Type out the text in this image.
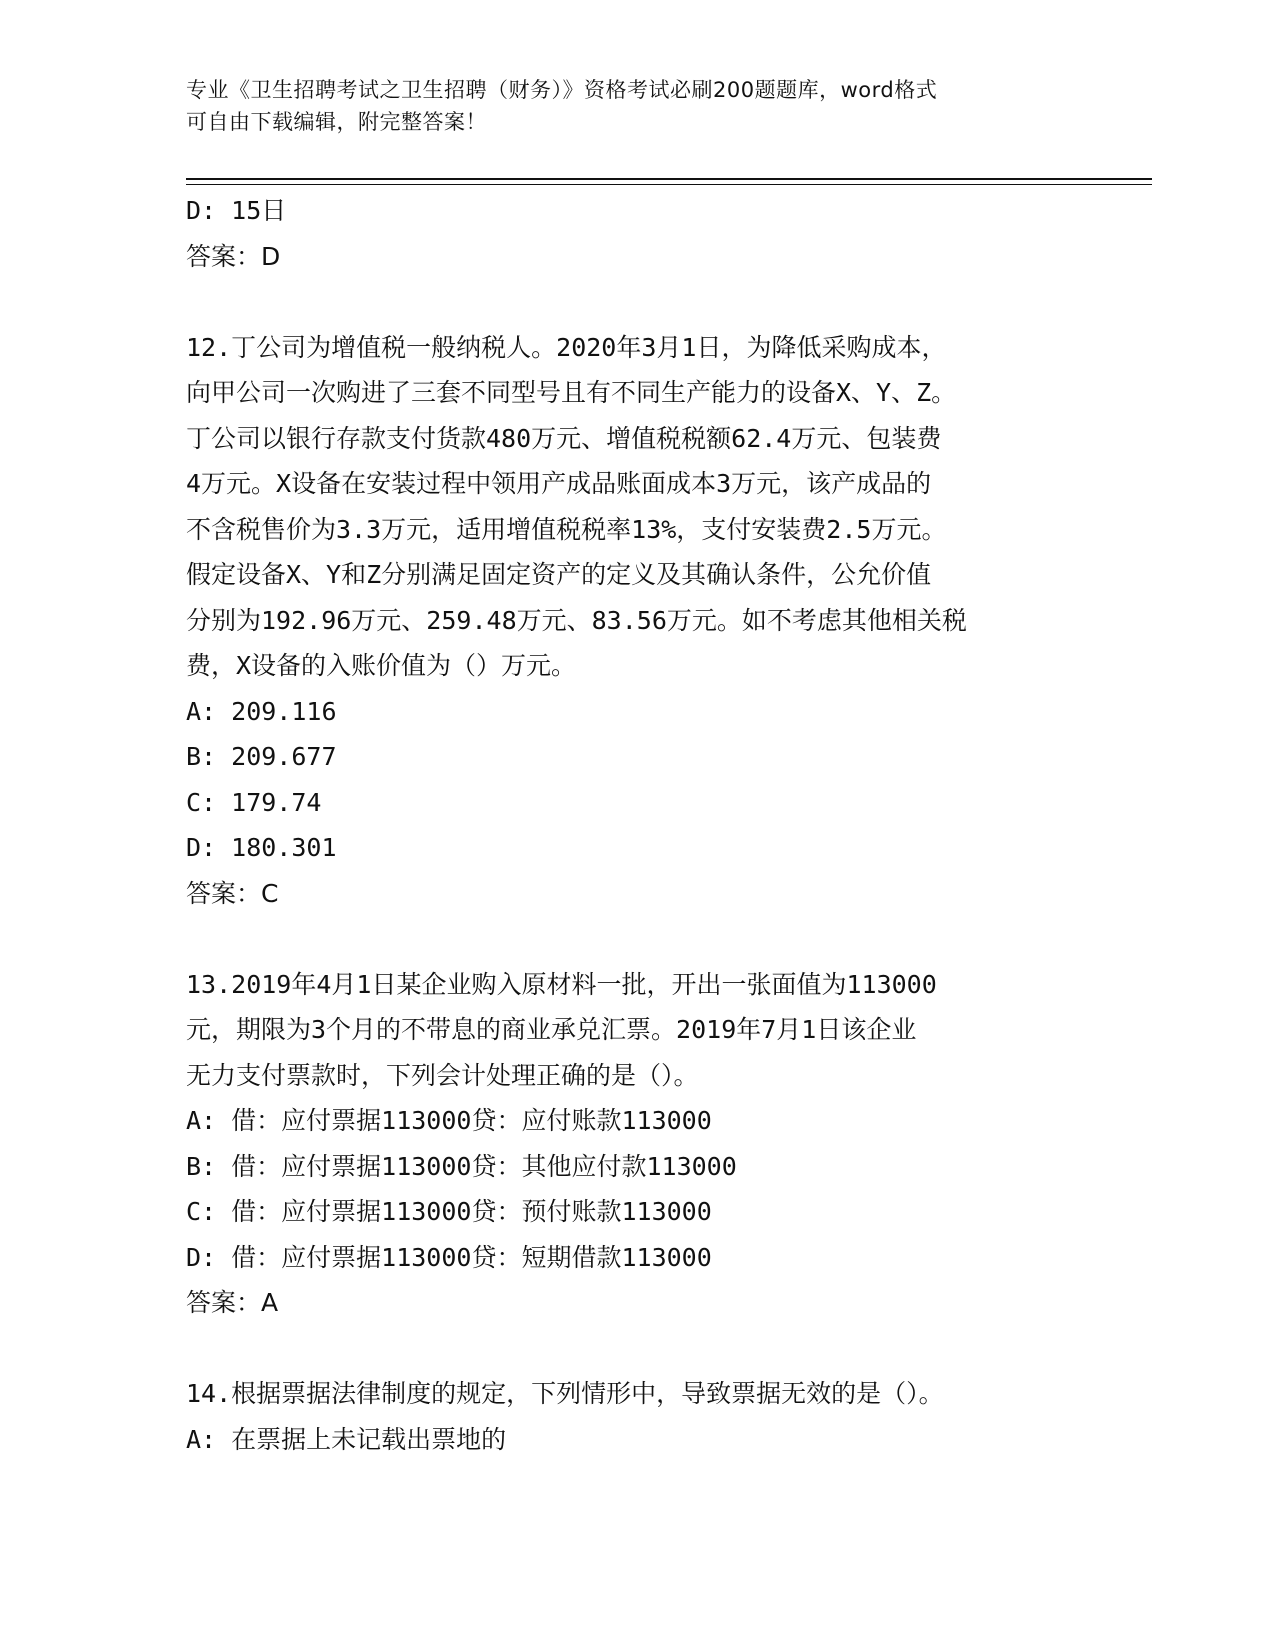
专业《卫生招聘考试之卫生招聘（财务）》资格考试必刷200题题库，word格式
可自由下载编辑，附完整答案！
D: 15日
答案：D
12.丁公司为增值税一般纳税人。2020年3月1日，为降低采购成本，
向甲公司一次购进了三套不同型号且有不同生产能力的设备X、Y、Z。
丁公司以银行存款支付货款480万元、增值税税额62.4万元、包装费
4万元。X设备在安装过程中领用产成品账面成本3万元，该产成品的
不含税售价为3.3万元，适用增值税税率13%，支付安装费2.5万元。
假定设备X、Y和Z分别满足固定资产的定义及其确认条件，公允价值
分别为192.96万元、259.48万元、83.56万元。如不考虑其他相关税
费，X设备的入账价值为（）万元。
A: 209.116
B: 209.677
C: 179.74
D: 180.301
答案：C
13.2019年4月1日某企业购入原材料一批，开出一张面值为113000
元，期限为3个月的不带息的商业承兑汇票。2019年7月1日该企业
无力支付票款时，下列会计处理正确的是（）。
A: 借：应付票据113000贷：应付账款113000
B: 借：应付票据113000贷：其他应付款113000
C: 借：应付票据113000贷：预付账款113000
D: 借：应付票据113000贷：短期借款113000
答案：A
14.根据票据法律制度的规定，下列情形中，导致票据无效的是（）。
A: 在票据上未记载出票地的
